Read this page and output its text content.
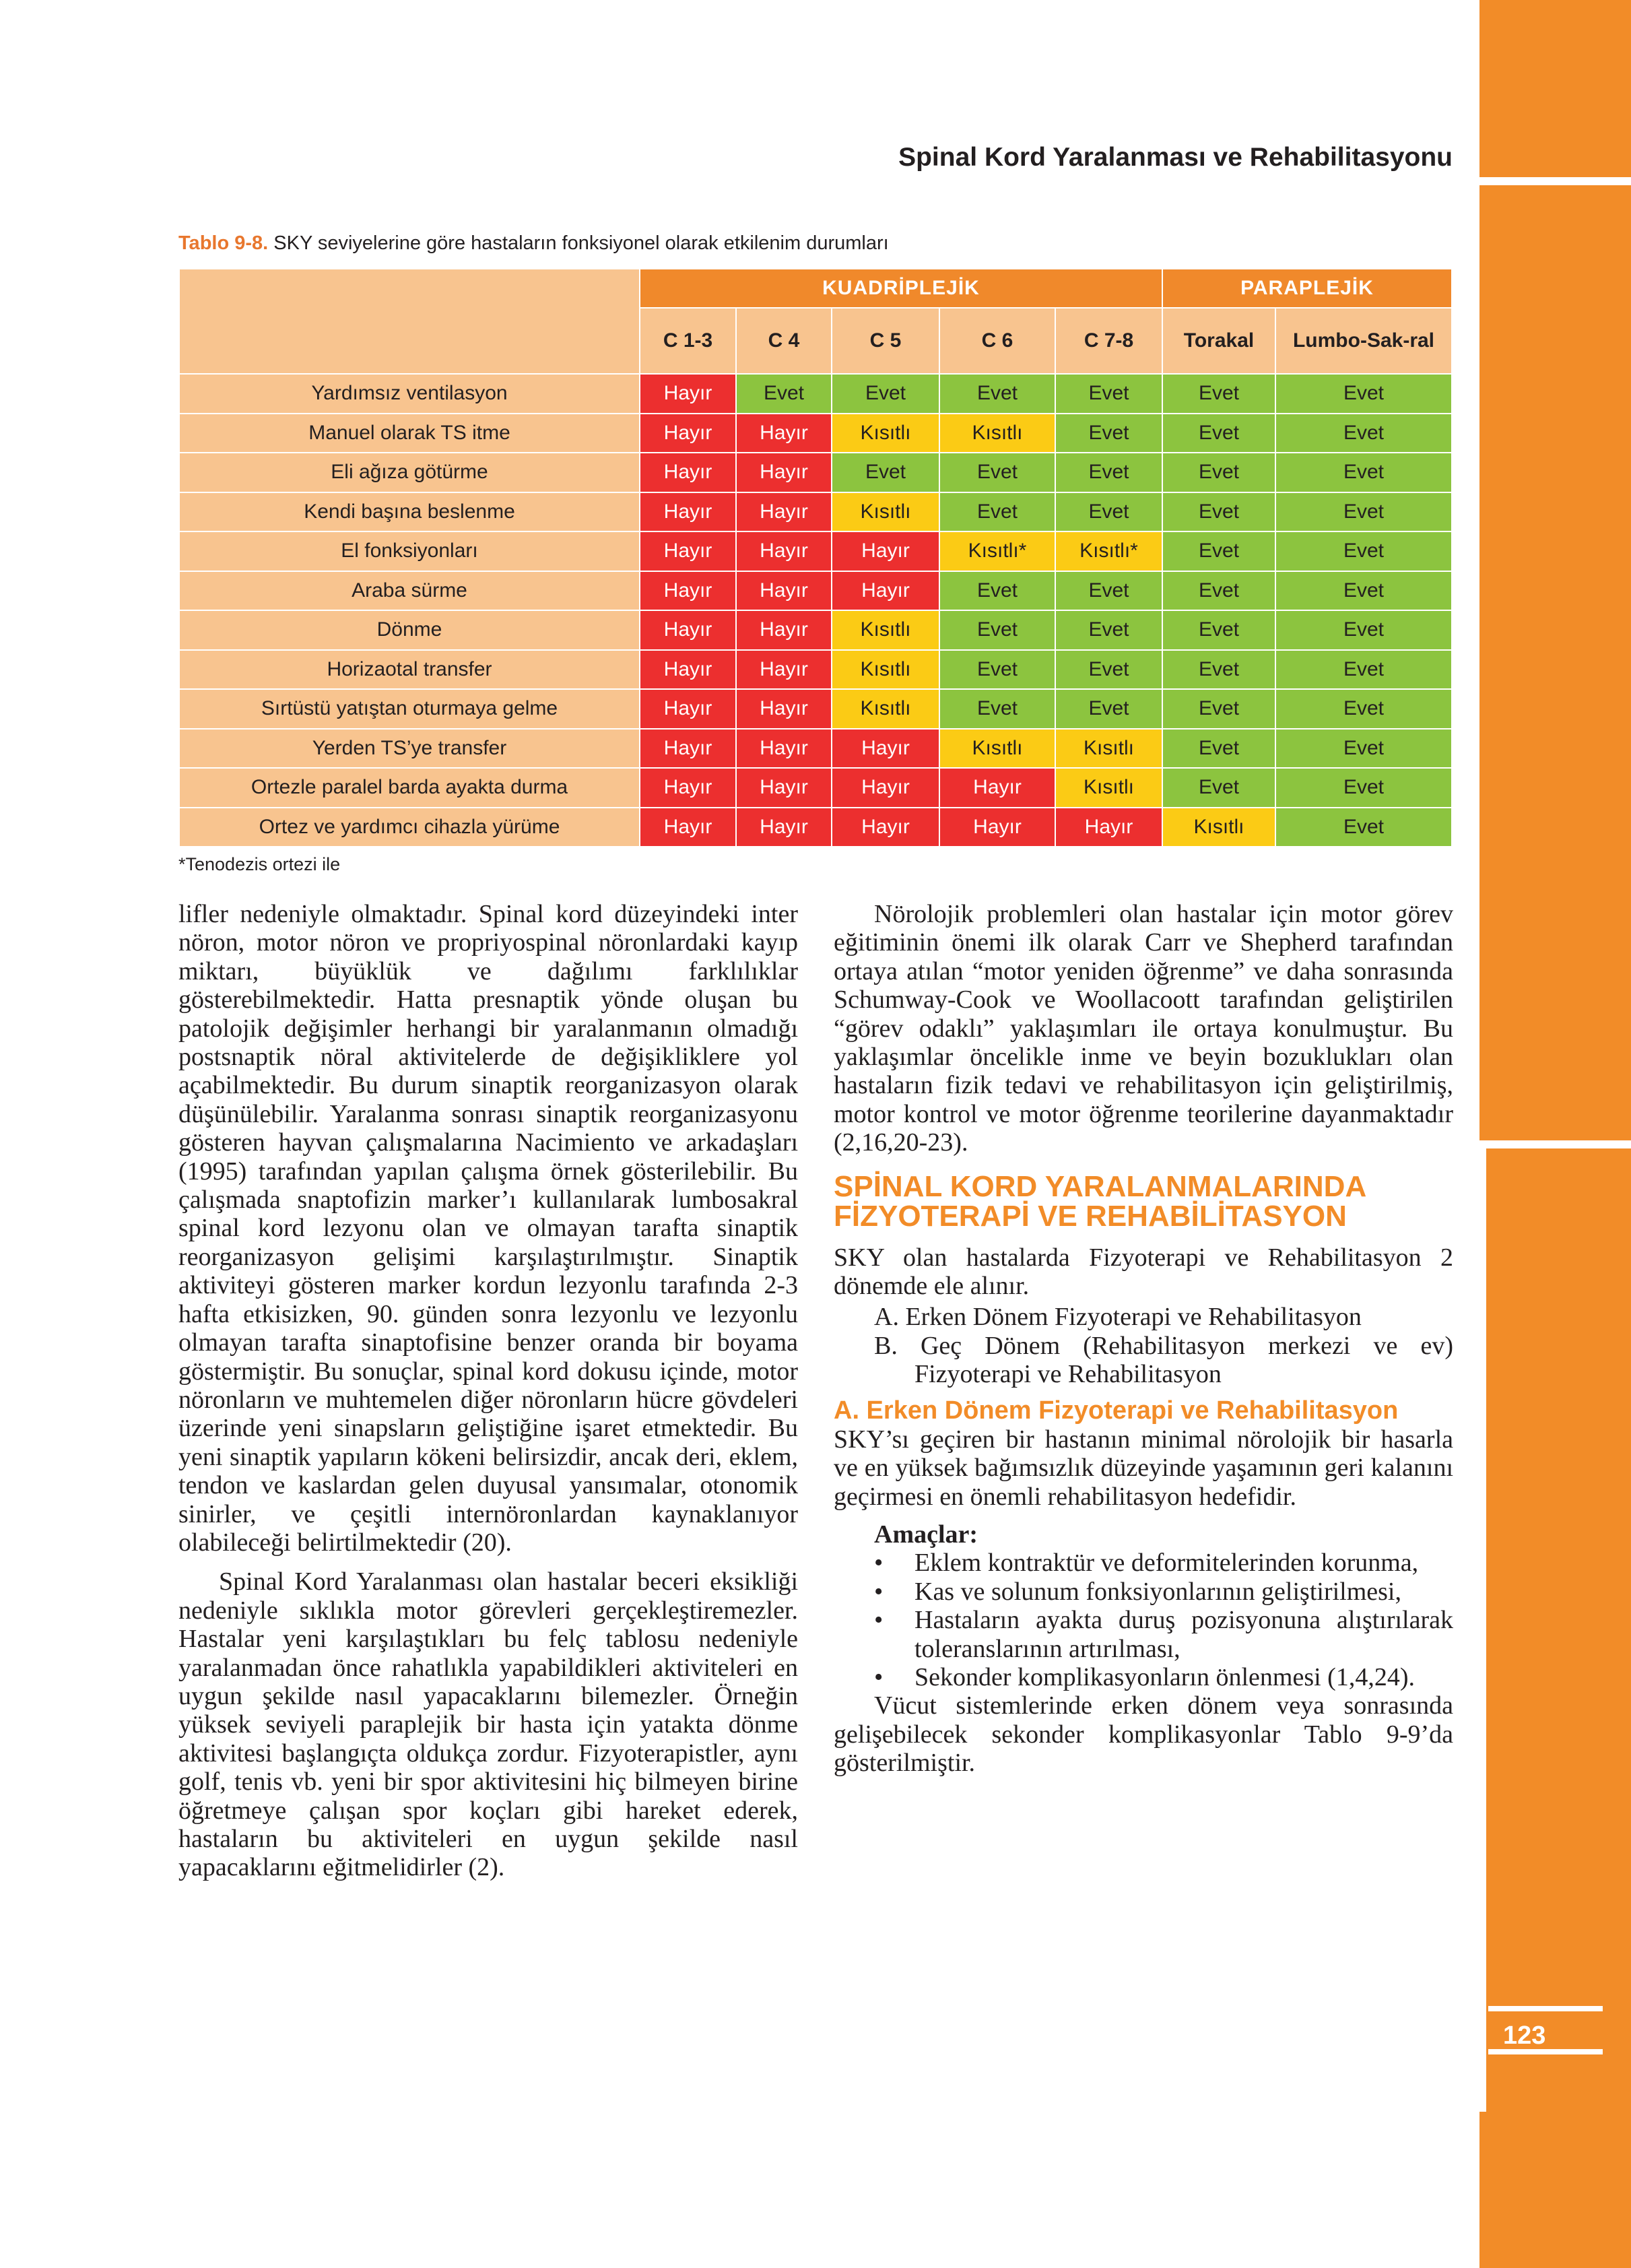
123
Spinal Kord Yaralanması ve Rehabilitasyonu
Tablo 9-8. SKY seviyelerine göre hastaların fonksiyonel olarak etkilenim durumları
	KUADRİPLEJİK					PARAPLEJİK	
	C 1-3	C 4	C 5	C 6	C 7-8	Torakal	Lumbo-Sak-ral
Yardımsız ventilasyon	Hayır	Evet	Evet	Evet	Evet	Evet	Evet
Manuel olarak TS itme	Hayır	Hayır	Kısıtlı	Kısıtlı	Evet	Evet	Evet
Eli ağıza götürme	Hayır	Hayır	Evet	Evet	Evet	Evet	Evet
Kendi başına beslenme	Hayır	Hayır	Kısıtlı	Evet	Evet	Evet	Evet
El fonksiyonları	Hayır	Hayır	Hayır	Kısıtlı*	Kısıtlı*	Evet	Evet
Araba sürme	Hayır	Hayır	Hayır	Evet	Evet	Evet	Evet
Dönme	Hayır	Hayır	Kısıtlı	Evet	Evet	Evet	Evet
Horizaotal transfer	Hayır	Hayır	Kısıtlı	Evet	Evet	Evet	Evet
Sırtüstü yatıştan oturmaya gelme	Hayır	Hayır	Kısıtlı	Evet	Evet	Evet	Evet
Yerden TS’ye transfer	Hayır	Hayır	Hayır	Kısıtlı	Kısıtlı	Evet	Evet
Ortezle paralel barda ayakta durma	Hayır	Hayır	Hayır	Hayır	Kısıtlı	Evet	Evet
Ortez ve yardımcı cihazla yürüme	Hayır	Hayır	Hayır	Hayır	Hayır	Kısıtlı	Evet
*Tenodezis ortezi ile

lifler nedeniyle olmaktadır. Spinal kord düzeyindeki inter nöron, motor nöron ve propriyospinal nöronlardaki kayıp miktarı, büyüklük ve dağılımı farklılıklar gösterebilmektedir. Hatta presnaptik yönde oluşan bu patolojik değişimler herhangi bir yaralanmanın olmadığı postsnaptik nöral aktivitelerde de değişikliklere yol açabilmektedir. Bu durum sinaptik reorganizasyon olarak düşünülebilir. Yaralanma sonrası sinaptik reorganizasyonu gösteren hayvan çalışmalarına Nacimiento ve arkadaşları (1995) tarafından yapılan çalışma örnek gösterilebilir. Bu çalışmada snaptofizin marker’ı kullanılarak lumbosakral spinal kord lezyonu olan ve olmayan tarafta sinaptik reorganizasyon gelişimi karşılaştırılmıştır. Sinaptik aktiviteyi gösteren marker kordun lezyonlu tarafında 2-3 hafta etkisizken, 90. günden sonra lezyonlu ve lezyonlu olmayan tarafta sinaptofisine benzer oranda bir boyama göstermiştir. Bu sonuçlar, spinal kord dokusu içinde, motor nöronların ve muhtemelen diğer nöronların hücre gövdeleri üzerinde yeni sinapsların geliştiğine işaret etmektedir. Bu yeni sinaptik yapıların kökeni belirsizdir, ancak deri, eklem, tendon ve kaslardan gelen duyusal yansımalar, otonomik sinirler, ve çeşitli internöronlardan kaynaklanıyor olabileceği belirtilmektedir (20).

Spinal Kord Yaralanması olan hastalar beceri eksikliği nedeniyle sıklıkla motor görevleri gerçekleştiremezler. Hastalar yeni karşılaştıkları bu felç tablosu nedeniyle yaralanmadan önce rahatlıkla yapabildikleri aktiviteleri en uygun şekilde nasıl yapacaklarını bilemezler. Örneğin yüksek seviyeli paraplejik bir hasta için yatakta dönme aktivitesi başlangıçta oldukça zordur. Fizyoterapistler, aynı golf, tenis vb. yeni bir spor aktivitesini hiç bilmeyen birine öğretmeye çalışan spor koçları gibi hareket ederek, hastaların bu aktiviteleri en uygun şekilde nasıl yapacaklarını eğitmelidirler (2).

Nörolojik problemleri olan hastalar için motor görev eğitiminin önemi ilk olarak Carr ve Shepherd tarafından ortaya atılan “motor yeniden öğrenme” ve daha sonrasında Schumway-Cook ve Woollacoott tarafından geliştirilen “görev odaklı” yaklaşımları ile ortaya konulmuştur. Bu yaklaşımlar öncelikle inme ve beyin bozuklukları olan hastaların fizik tedavi ve rehabilitasyon için geliştirilmiş, motor kontrol ve motor öğrenme teorilerine dayanmaktadır (2,16,20-23).

SPİNAL KORD YARALANMALARINDA
FİZYOTERAPİ VE REHABİLİTASYON

SKY olan hastalarda Fizyoterapi ve Rehabilitasyon 2 dönemde ele alınır.

A. Erken Dönem Fizyoterapi ve Rehabilitasyon

B. Geç Dönem (Rehabilitasyon merkezi ve ev) Fizyoterapi ve Rehabilitasyon

A. Erken Dönem Fizyoterapi ve Rehabilitasyon

SKY’sı geçiren bir hastanın minimal nörolojik bir hasarla ve en yüksek bağımsızlık düzeyinde yaşamının geri kalanını geçirmesi en önemli rehabilitasyon hedefidir.

Amaçlar:

• Eklem kontraktür ve deformitelerinden korunma,
• Kas ve solunum fonksiyonlarının geliştirilmesi,
• Hastaların ayakta duruş pozisyonuna alıştırılarak toleranslarının artırılması,
• Sekonder komplikasyonların önlenmesi (1,4,24).

Vücut sistemlerinde erken dönem veya sonrasında gelişebilecek sekonder komplikasyonlar Tablo 9-9’da gösterilmiştir.
